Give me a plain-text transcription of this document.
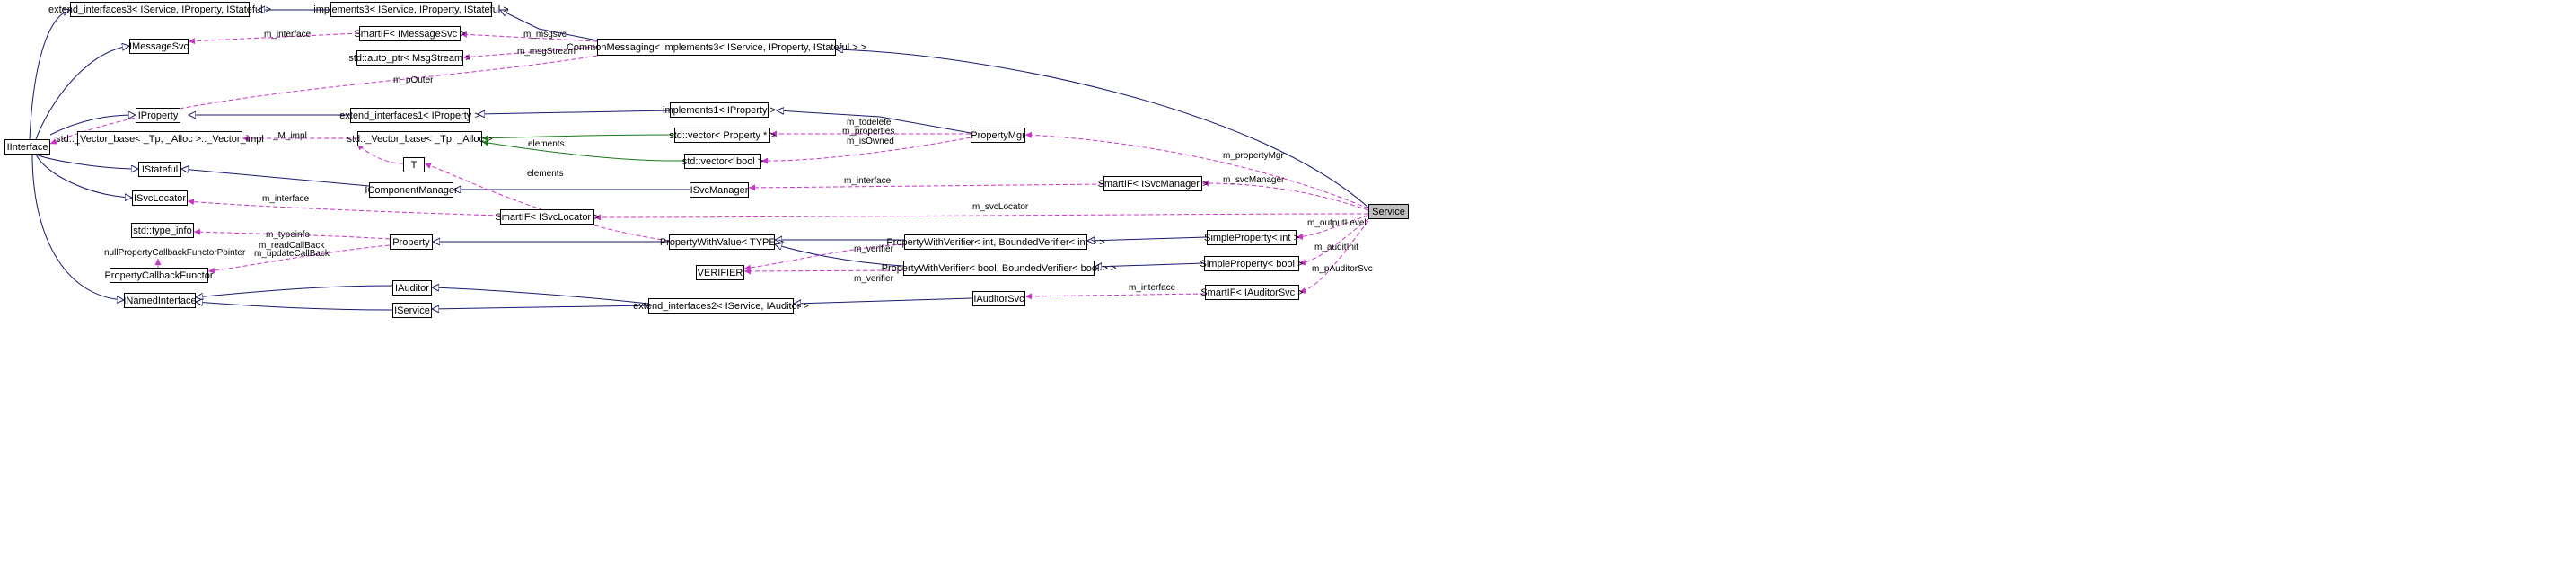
extend_interfaces3< IService, IProperty, IStateful >	implements3< IService, IProperty, IStateful >
IMessageSvc
SmartIF< IMessageSvc >
CommonMessaging< implements3< IService, IProperty, IStateful > >
std::auto_ptr< MsgStream >
IProperty	extend_interfaces1< IProperty >	implements1< IProperty >
PropertyMgr
std::_Vector_base< _Tp, _Alloc >::_Vector_impl	std::_Vector_base< _Tp, _Alloc >	std::vector< Property * >
std::vector< bool >
IStateful	T
IInterface
ISvcLocator
IComponentManager	ISvcManager
SmartIF< ISvcManager >
Service
SmartIF< ISvcLocator >
std::type_info
Property	PropertyWithValue< TYPE >	PropertyWithVerifier< int, BoundedVerifier< int > >	SimpleProperty< int >
PropertyCallbackFunctor	VERIFIER	PropertyWithVerifier< bool, BoundedVerifier< bool > >	SimpleProperty< bool >
IAuditor
IAuditorSvc
SmartIF< IAuditorSvc >
INamedInterface
IService	extend_interfaces2< IService, IAuditor >
m_interface	m_msgsvc
m_msgStream
m_pOuter
m_todelete
m_properties
m_isOwned
_M_impl
elements
elements
m_propertyMgr
m_svcManager
m_interface
m_interface
m_svcLocator
m_outputLevel
m_typeinfo
m_auditInit
m_readCallBack
m_updateCallBack	m_verifier
nullPropertyCallbackFunctorPointer
m_pAuditorSvc
m_verifier
m_interface
